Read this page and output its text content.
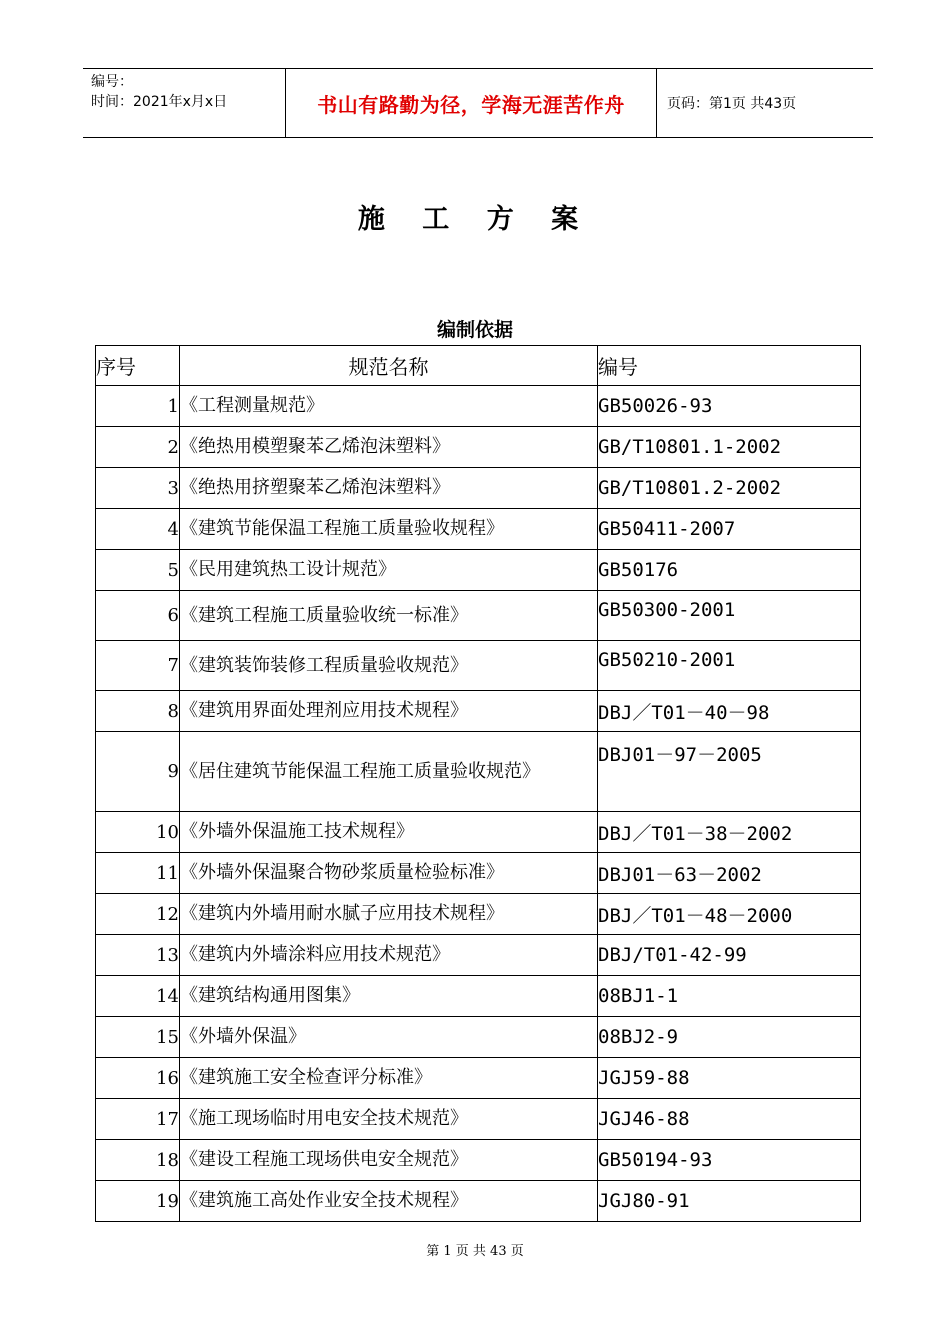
编号：
时间：2021年x月x日	书山有路勤为径，学海无涯苦作舟	页码：第1页 共43页
施 工 方 案
编制依据
序号	规范名称	编号
1	《工程测量规范》	GB50026-93
2	《绝热用模塑聚苯乙烯泡沫塑料》	GB/T10801.1-2002
3	《绝热用挤塑聚苯乙烯泡沫塑料》	GB/T10801.2-2002
4	《建筑节能保温工程施工质量验收规程》	GB50411-2007
5	《民用建筑热工设计规范》	GB50176
6	《建筑工程施工质量验收统一标准》	GB50300-2001
7	《建筑装饰装修工程质量验收规范》	GB50210-2001
8	《建筑用界面处理剂应用技术规程》	DBJ／T01－40－98
9	《居住建筑节能保温工程施工质量验收规范》	DBJ01－97－2005
10	《外墙外保温施工技术规程》	DBJ／T01－38－2002
11	《外墙外保温聚合物砂浆质量检验标准》	DBJ01－63－2002
12	《建筑内外墙用耐水腻子应用技术规程》	DBJ／T01－48－2000
13	《建筑内外墙涂料应用技术规范》	DBJ/T01-42-99
14	《建筑结构通用图集》	08BJ1-1
15	《外墙外保温》	08BJ2-9
16	《建筑施工安全检查评分标准》	JGJ59-88
17	《施工现场临时用电安全技术规范》	JGJ46-88
18	《建设工程施工现场供电安全规范》	GB50194-93
19	《建筑施工高处作业安全技术规程》	JGJ80-91
第 1 页 共 43 页
